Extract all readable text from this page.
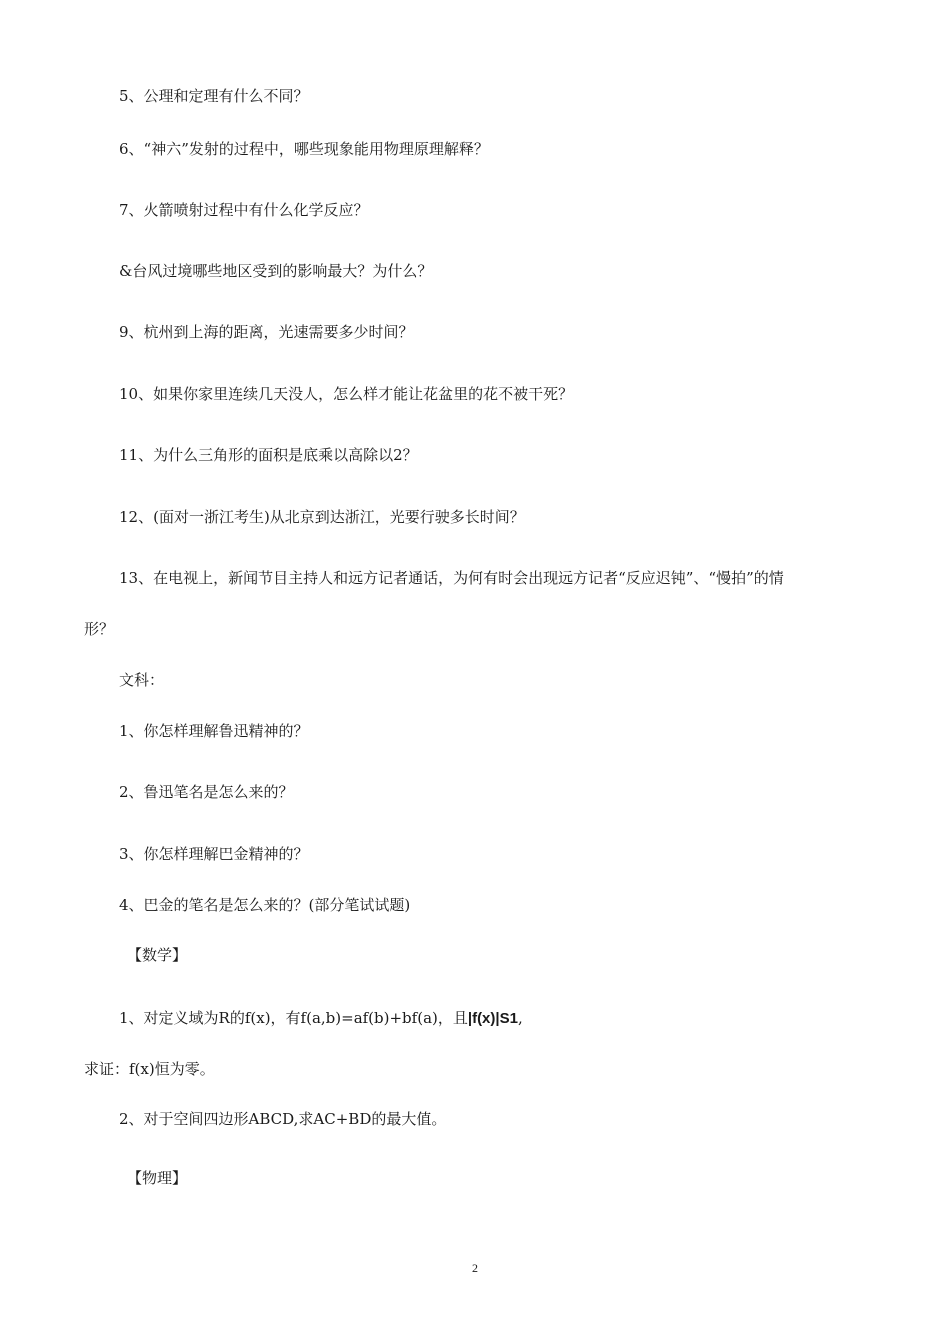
5、公理和定理有什么不同？

6、“神六”发射的过程中，哪些现象能用物理原理解释？

7、火箭喷射过程中有什么化学反应？

&台风过境哪些地区受到的影响最大？为什么？

9、杭州到上海的距离，光速需要多少时间？

10、如果你家里连续几天没人，怎么样才能让花盆里的花不被干死？

11、为什么三角形的面积是底乘以高除以2？

12、(面对一浙江考生)从北京到达浙江，光要行驶多长时间？

13、在电视上，新闻节目主持人和远方记者通话，为何有时会出现远方记者“反应迟钝”、“慢拍”的情

形？

文科：

1、你怎样理解鲁迅精神的？

2、鲁迅笔名是怎么来的？

3、你怎样理解巴金精神的？

4、巴金的笔名是怎么来的？(部分笔试试题)

【数学】

1、对定义域为R的f(x)，有f(a,b)=af(b)+bf(a)，且|f(x)|S1,

求证：f(x)恒为零。

2、对于空间四边形ABCD,求AC+BD的最大值。

【物理】

2
